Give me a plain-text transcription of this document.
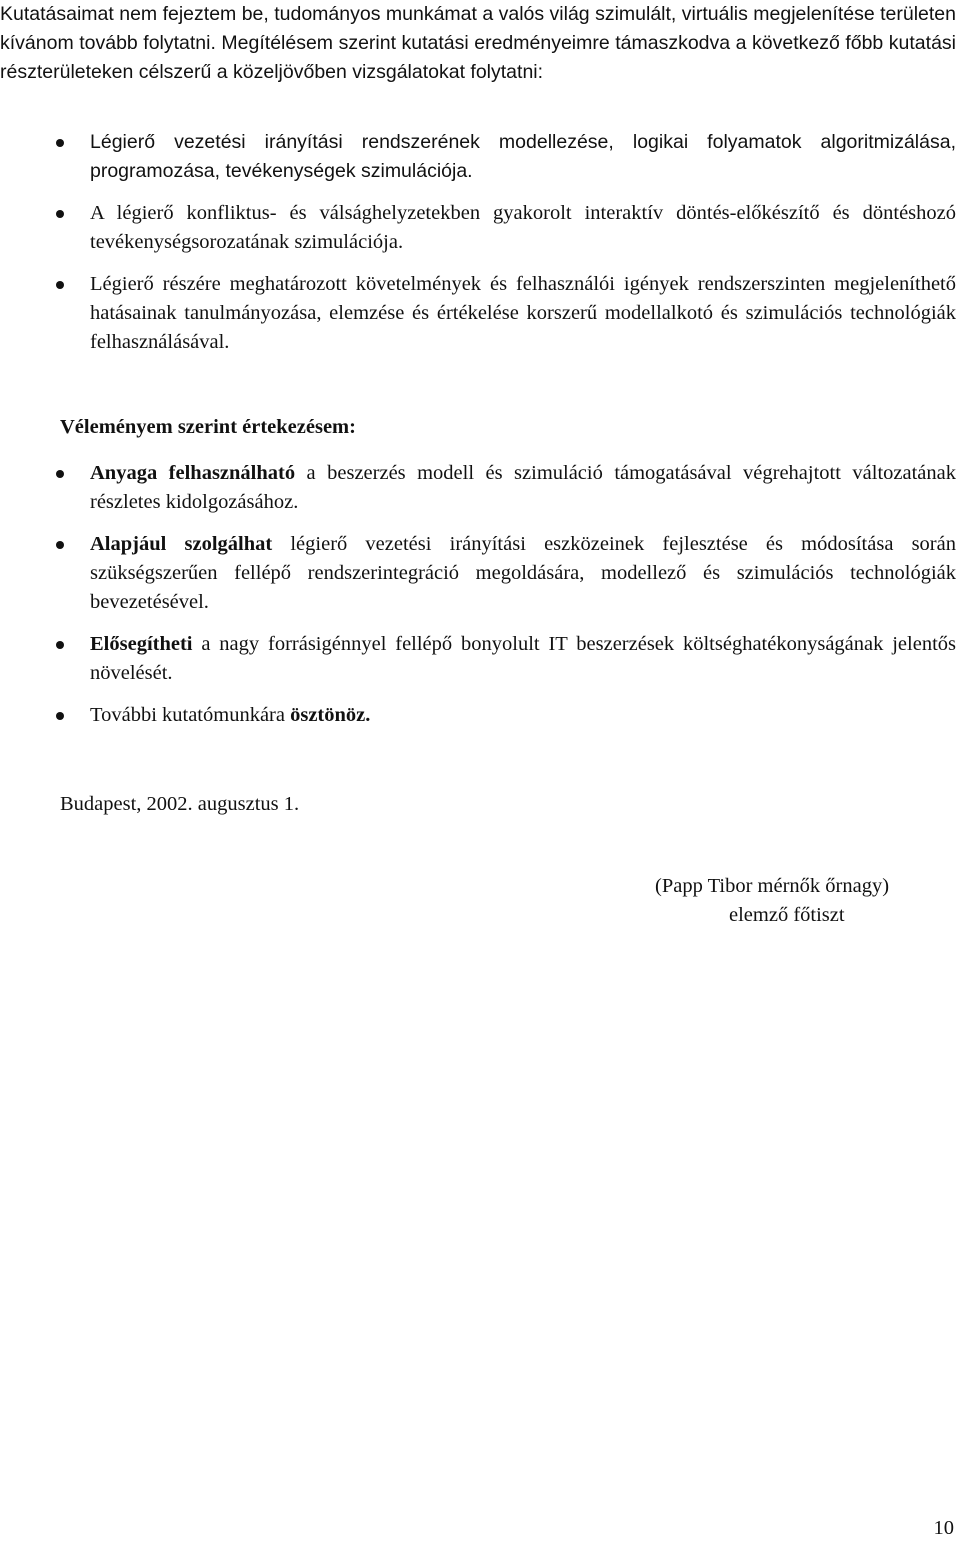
Kutatásaimat nem fejeztem be, tudományos munkámat a valós világ szimulált, virtuális megjelenítése területen kívánom tovább folytatni. Megítélésem szerint kutatási eredményeimre támaszkodva a következő főbb kutatási részterületeken célszerű a közeljövőben vizsgálatokat folytatni:

Légierő vezetési irányítási rendszerének modellezése, logikai folyamatok algoritmizálása, programozása, tevékenységek szimulációja.
A légierő konfliktus- és válsághelyzetekben gyakorolt interaktív döntés-előkészítő és döntéshozó tevékenységsorozatának szimulációja.
Légierő részére meghatározott követelmények és felhasználói igények rendszerszinten megjeleníthető hatásainak tanulmányozása, elemzése és értékelése korszerű modellalkotó és szimulációs technológiák felhasználásával.

Véleményem szerint értekezésem:

Anyaga felhasználható a beszerzés modell és szimuláció támogatásával végrehajtott változatának részletes kidolgozásához.
Alapjául szolgálhat légierő vezetési irányítási eszközeinek fejlesztése és módosítása során szükségszerűen fellépő rendszerintegráció megoldására, modellező és szimulációs technológiák bevezetésével.
Elősegítheti a nagy forrásigénnyel fellépő bonyolult IT beszerzések költséghatékonyságának jelentős növelését.
További kutatómunkára ösztönöz.

Budapest, 2002. augusztus 1.

(Papp Tibor mérnők őrnagy)

elemző főtiszt

10
